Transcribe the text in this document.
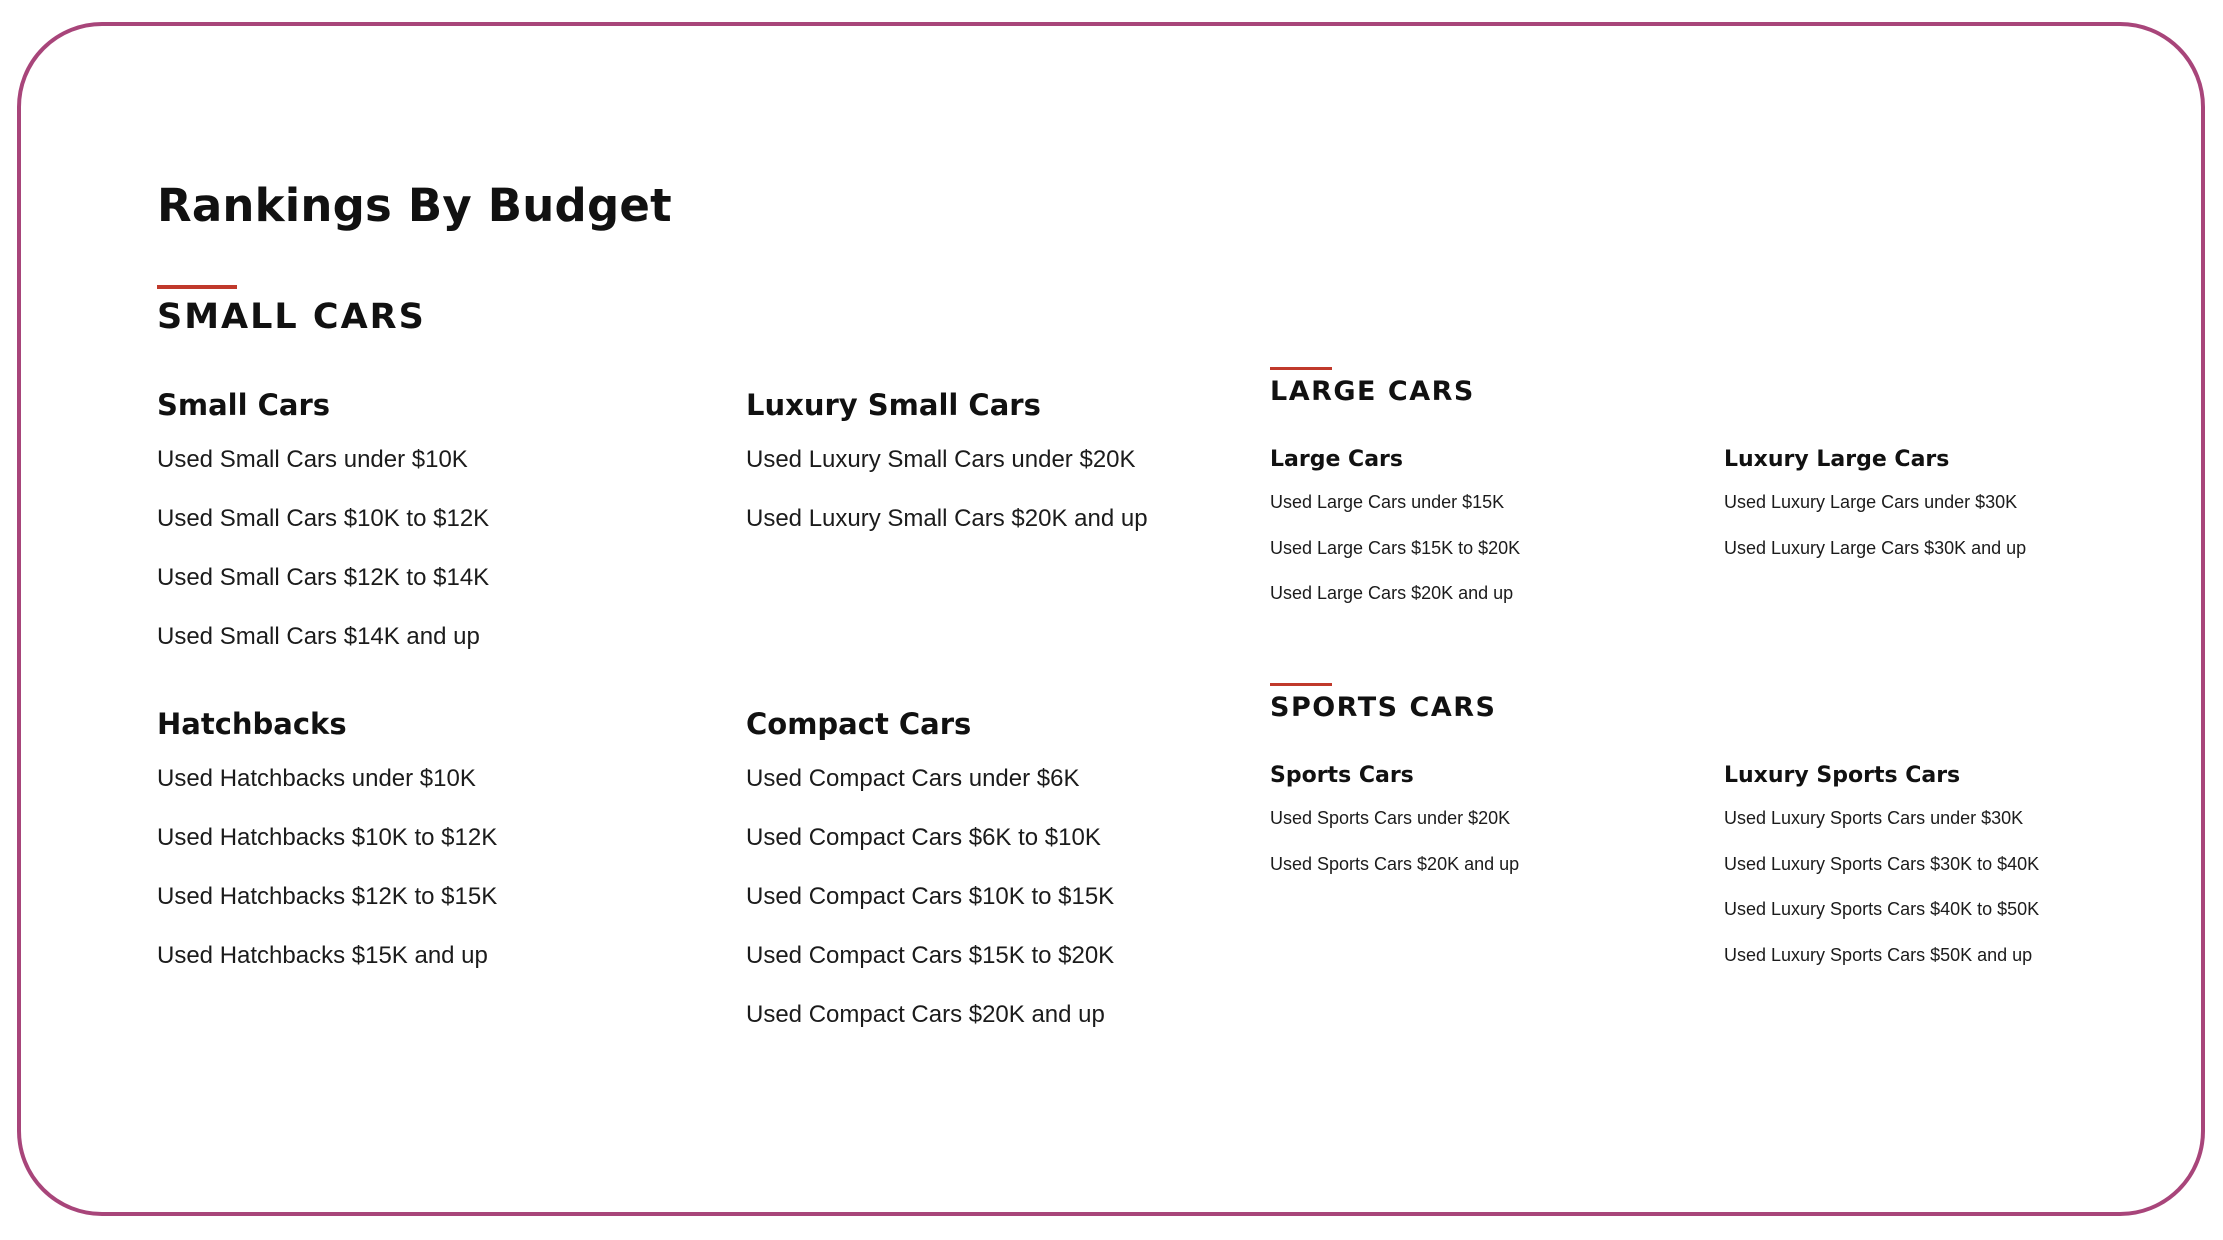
Rankings By Budget
SMALL CARS
Small Cars
Used Small Cars under $10K
Used Small Cars $10K to $12K
Used Small Cars $12K to $14K
Used Small Cars $14K and up
Luxury Small Cars
Used Luxury Small Cars under $20K
Used Luxury Small Cars $20K and up
Hatchbacks
Used Hatchbacks under $10K
Used Hatchbacks $10K to $12K
Used Hatchbacks $12K to $15K
Used Hatchbacks $15K and up
Compact Cars
Used Compact Cars under $6K
Used Compact Cars $6K to $10K
Used Compact Cars $10K to $15K
Used Compact Cars $15K to $20K
Used Compact Cars $20K and up
LARGE CARS
Large Cars
Used Large Cars under $15K
Used Large Cars $15K to $20K
Used Large Cars $20K and up
Luxury Large Cars
Used Luxury Large Cars under $30K
Used Luxury Large Cars $30K and up
SPORTS CARS
Sports Cars
Used Sports Cars under $20K
Used Sports Cars $20K and up
Luxury Sports Cars
Used Luxury Sports Cars under $30K
Used Luxury Sports Cars $30K to $40K
Used Luxury Sports Cars $40K to $50K
Used Luxury Sports Cars $50K and up
